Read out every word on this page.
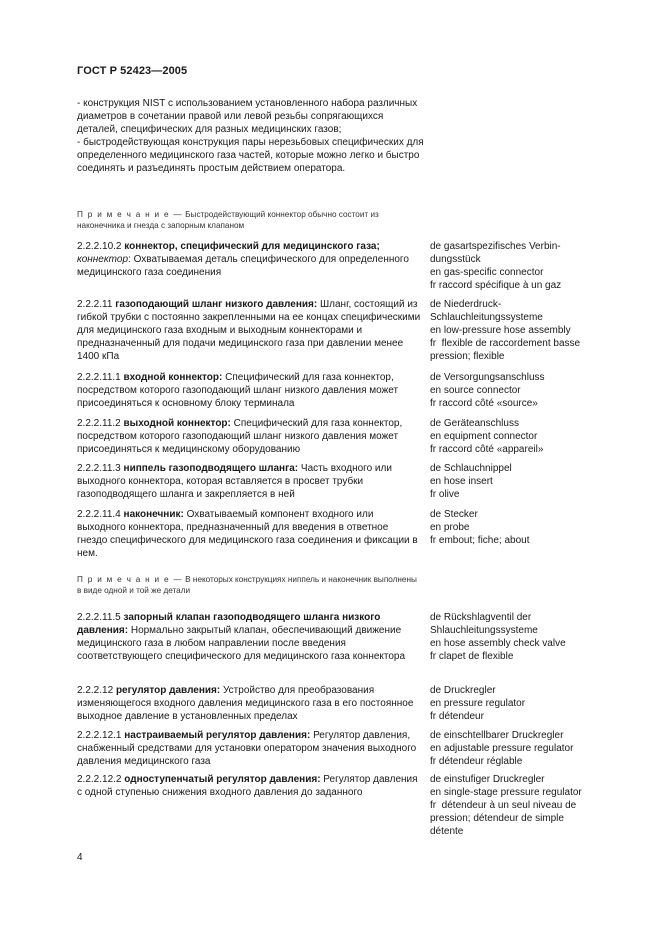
ГОСТ Р 52423—2005

- конструкция NIST с использованием установленного набора различных диаметров в сочетании правой или левой резьбы сопрягающихся деталей, специфических для разных медицинских газов;

- быстродействующая конструкция пары нерезьбовых специфических для определенного медицинского газа частей, которые можно легко и быстро соединять и разъединять простым действием оператора.

П р и м е ч а н и е — Быстродействующий коннектор обычно состоит из наконечника и гнезда с запорным клапаном
2.2.2.10.2 коннектор, специфический для медицинского газа; коннектор: Охватываемая деталь специфического для определенного медицинского газа соединения
de gasartspezifisches Verbin-
dungsstück
en gas-specific connector
fr raccord spécifique à un gaz
2.2.2.11 газоподающий шланг низкого давления: Шланг, состоящий из гибкой трубки с постоянно закрепленными на ее концах специфическими для медицинского газа входным и выходным коннекторами и предназначенный для подачи медицинского газа при давлении менее 1400 кПа
de Niederdruck-
Schlauchleitungssysteme
en low-pressure hose assembly
fr  flexible de raccordement basse
pression; flexible
2.2.2.11.1 входной коннектор: Специфический для газа коннектор, посредством которого газоподающий шланг низкого давления может присоединяться к основному блоку терминала
de Versorgungsanschluss
en source connector
fr raccord côté «source»
2.2.2.11.2 выходной коннектор: Специфический для газа коннектор, посредством которого газоподающий шланг низкого давления может присоединяться к медицинскому оборудованию
de Geräteanschluss
en equipment connector
fr raccord côté «appareil»
2.2.2.11.3 ниппель газоподводящего шланга: Часть входного или выходного коннектора, которая вставляется в просвет трубки газоподводящего шланга и закрепляется в ней
de Schlauchnippel
en hose insert
fr olive
2.2.2.11.4 наконечник: Охватываемый компонент входного или выходного коннектора, предназначенный для введения в ответное гнездо специфического для медицинского газа соединения и фиксации в нем.
de Stecker
en probe
fr embout; fiche; about
П р и м е ч а н и е — В некоторых конструкциях ниппель и наконечник выполнены в виде одной и той же детали
2.2.2.11.5 запорный клапан газоподводящего шланга низкого давления: Нормально закрытый клапан, обеспечивающий движение медицинского газа в любом направлении после введения соответствующего специфического для медицинского газа коннектора
de Rückshlagventil der
Shlauchleitungssysteme
en hose assembly check valve
fr clapet de flexible
2.2.2.12 регулятор давления: Устройство для преобразования изменяющегося входного давления медицинского газа в его постоянное выходное давление в установленных пределах
de Druckregler
en pressure regulator
fr détendeur
2.2.2.12.1 настраиваемый регулятор давления: Регулятор давления, снабженный средствами для установки оператором значения выходного давления медицинского газа
de einschtellbarer Druckregler
en adjustable pressure regulator
fr détendeur réglable
2.2.2.12.2 одноступенчатый регулятор давления: Регулятор давления с одной ступенью снижения входного давления до заданного
de einstufiger Druckregler
en single-stage pressure regulator
fr  détendeur à un seul niveau de
pression; détendeur de simple
détente
4
